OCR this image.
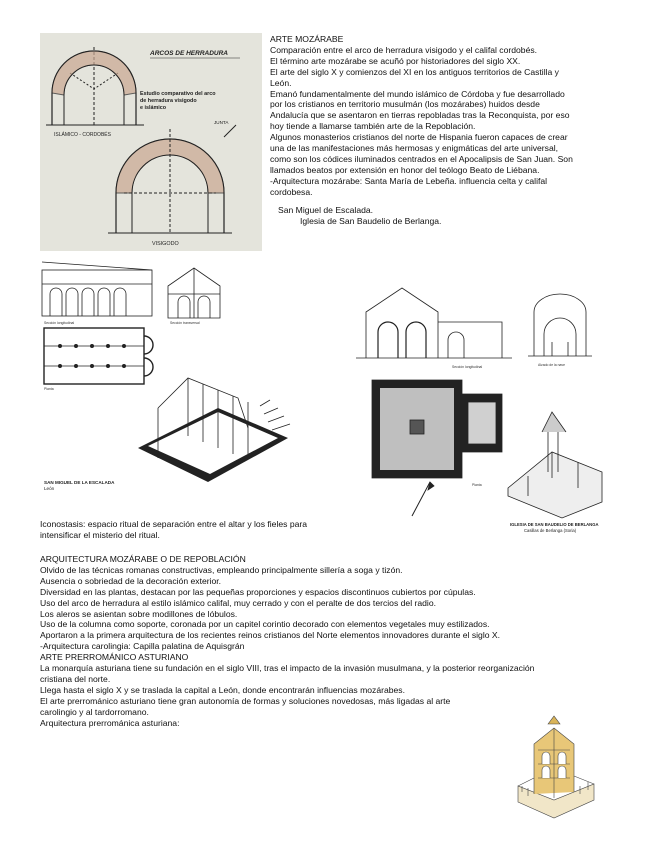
ARCOS DE HERRADURA
Estudio comparativo del arco de herradura visigodo e islámico
ISLÁMICO - CORDOBÉS
JUNTA
VISIGODO

ARTE MOZÁRABE

Comparación entre el arco de herradura visigodo y el califal cordobés.

El término arte mozárabe se acuñó por historiadores del siglo XX.

El arte del siglo X y comienzos del XI en los antiguos territorios de Castilla y

León.

Emanó fundamentalmente del mundo islámico de Córdoba y fue desarrollado

por los cristianos en territorio musulmán (los mozárabes) huidos desde

Andalucía que se asentaron en tierras repobladas tras la Reconquista, por eso

hoy tiende a llamarse también arte de la Repoblación.

Algunos monasterios cristianos del norte de Hispania fueron capaces de crear

una de las manifestaciones más hermosas y enigmáticas del arte universal,

como son los códices iluminados centrados en el Apocalipsis de San Juan. Son

llamados beatos por extensión en honor del teólogo Beato de Liébana.

-Arquitectura mozárabe: Santa María de Lebeña. influencia celta y califal

cordobesa.

San Miguel de Escalada.

Iglesia de San Baudelio de Berlanga.

Sección longitudinal	Sección transversal
Planta
SAN MIGUEL DE LA ESCALADA León
Sección longitudinal	Alzado de la nave
Planta
IGLESIA DE SAN BAUDELIO DE BERLANGA Casillas de Berlanga (Soria)

Iconostasis: espacio ritual de separación entre el altar y los fieles para

intensificar el misterio del ritual.

ARQUITECTURA MOZÁRABE O DE REPOBLACIÓN

Olvido de las técnicas romanas constructivas, empleando principalmente sillería a soga y tizón.

Ausencia o sobriedad de la decoración exterior.

Diversidad en las plantas, destacan por las pequeñas proporciones y espacios discontinuos cubiertos por cúpulas.

Uso del arco de herradura al estilo islámico califal, muy cerrado y con el peralte de dos tercios del radio.

Los aleros se asientan sobre modillones de lóbulos.

Uso de la columna como soporte, coronada por un capitel corintio decorado con elementos vegetales muy estilizados.

Aportaron a la primera arquitectura de los recientes reinos cristianos del Norte elementos innovadores durante el siglo X.

-Arquitectura carolingia: Capilla palatina de Aquisgrán

ARTE PRERROMÁNICO ASTURIANO

La monarquía asturiana tiene su fundación en el siglo VIII, tras el impacto de la invasión musulmana, y la posterior reorganización

cristiana del norte.

Llega hasta el siglo X y se traslada la capital a León, donde encontrarán influencias mozárabes.

El arte prerrománico asturiano tiene gran autonomía de formas y soluciones novedosas, más ligadas al arte

carolingio y al tardorromano.

Arquitectura prerrománica asturiana:
